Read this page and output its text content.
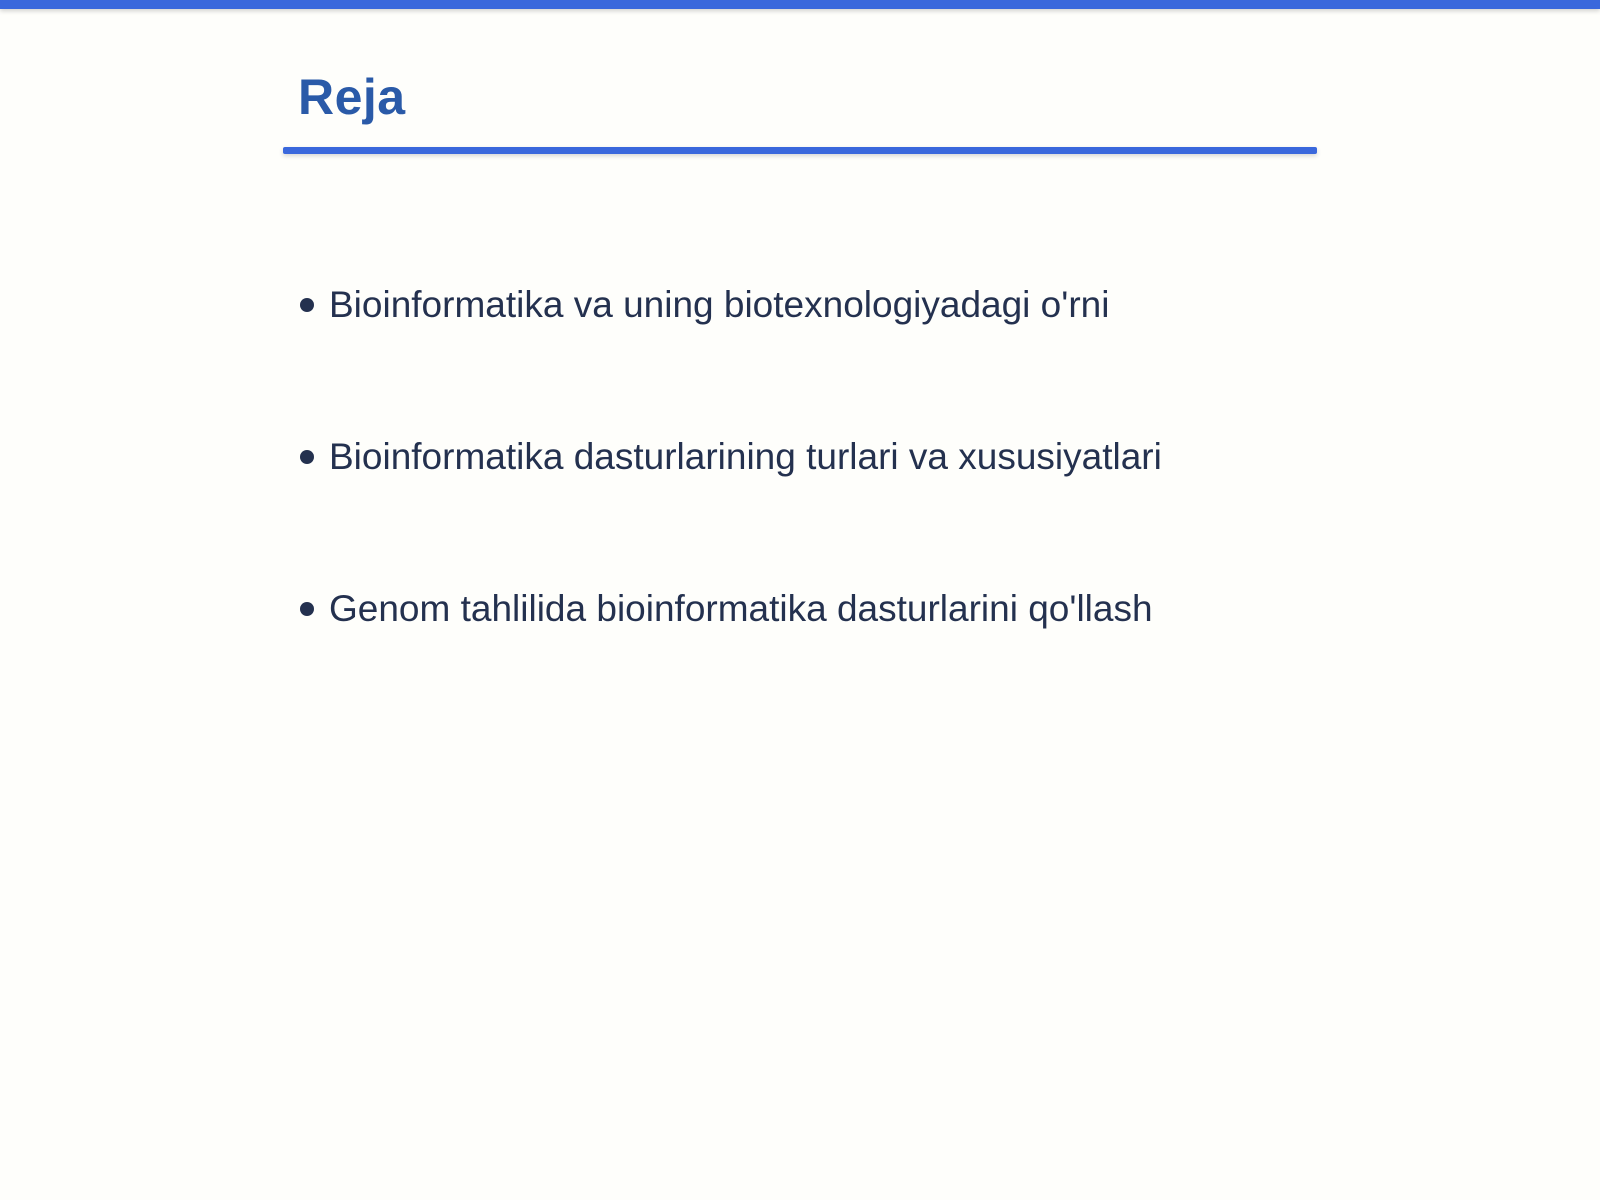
Reja
Bioinformatika va uning biotexnologiyadagi o'rni
Bioinformatika dasturlarining turlari va xususiyatlari
Genom tahlilida bioinformatika dasturlarini qo'llash
